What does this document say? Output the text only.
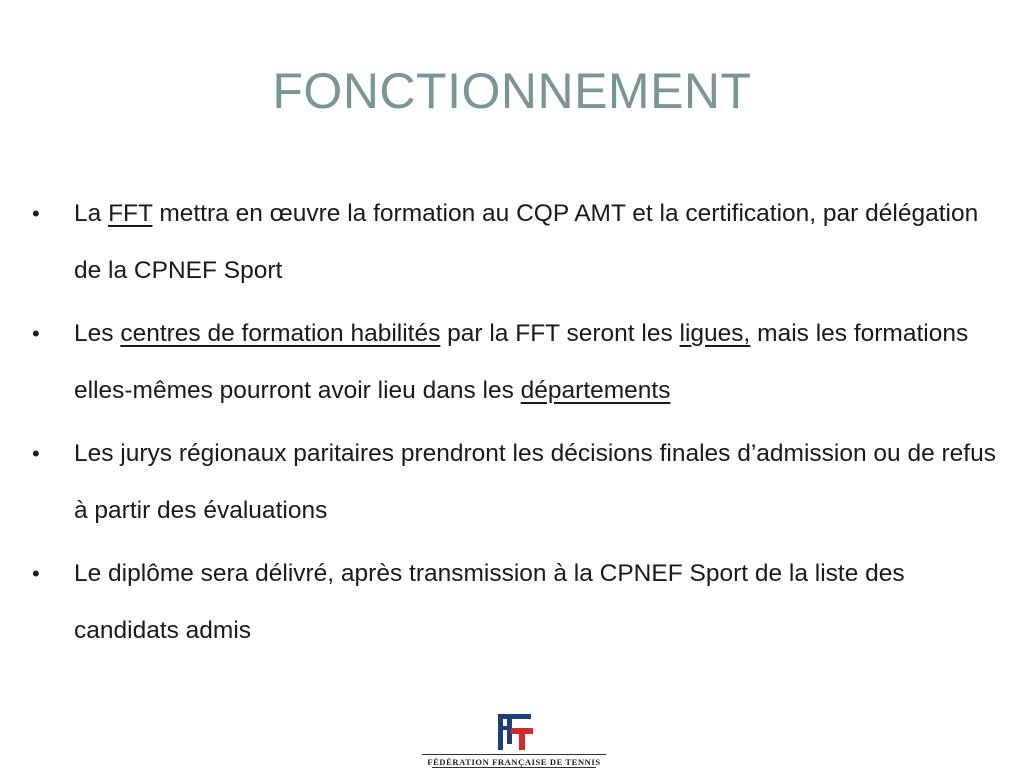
FONCTIONNEMENT
• La FFT mettra en œuvre la formation au CQP AMT et la certification, par délégation de la CPNEF Sport
• Les centres de formation habilités par la FFT seront les ligues, mais les formations elles-mêmes pourront avoir lieu dans les départements
• Les jurys régionaux paritaires prendront les décisions finales d’admission ou de refus à partir des évaluations
• Le diplôme sera délivré, après transmission à la CPNEF Sport de la liste des candidats admis
FÉDÉRATION FRANÇAISE DE TENNIS
